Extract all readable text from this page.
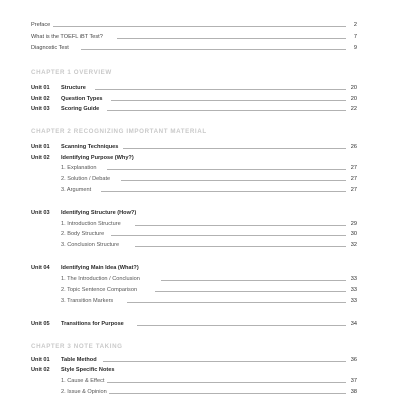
Preface	2
What is the TOEFL iBT Test?	7
Diagnostic Test	9
CHAPTER 1 OVERVIEW
Unit 01 Structure	20
Unit 02 Question Types	20
Unit 03 Scoring Guide	22
CHAPTER 2 RECOGNIZING IMPORTANT MATERIAL
Unit 01 Scanning Techniques	26
Unit 02 Identifying Purpose (Why?)
1. Explanation	27
2. Solution / Debate	27
3. Argument	27
Unit 03 Identifying Structure (How?)
1. Introduction Structure	29
2. Body Structure	30
3. Conclusion Structure	32
Unit 04 Identifying Main Idea (What?)
1. The Introduction / Conclusion	33
2. Topic Sentence Comparison	33
3. Transition Markers	33
Unit 05 Transitions for Purpose	34
CHAPTER 3 NOTE TAKING
Unit 01 Table Method	36
Unit 02 Style Specific Notes
1. Cause & Effect	37
2. Issue & Opinion	38
